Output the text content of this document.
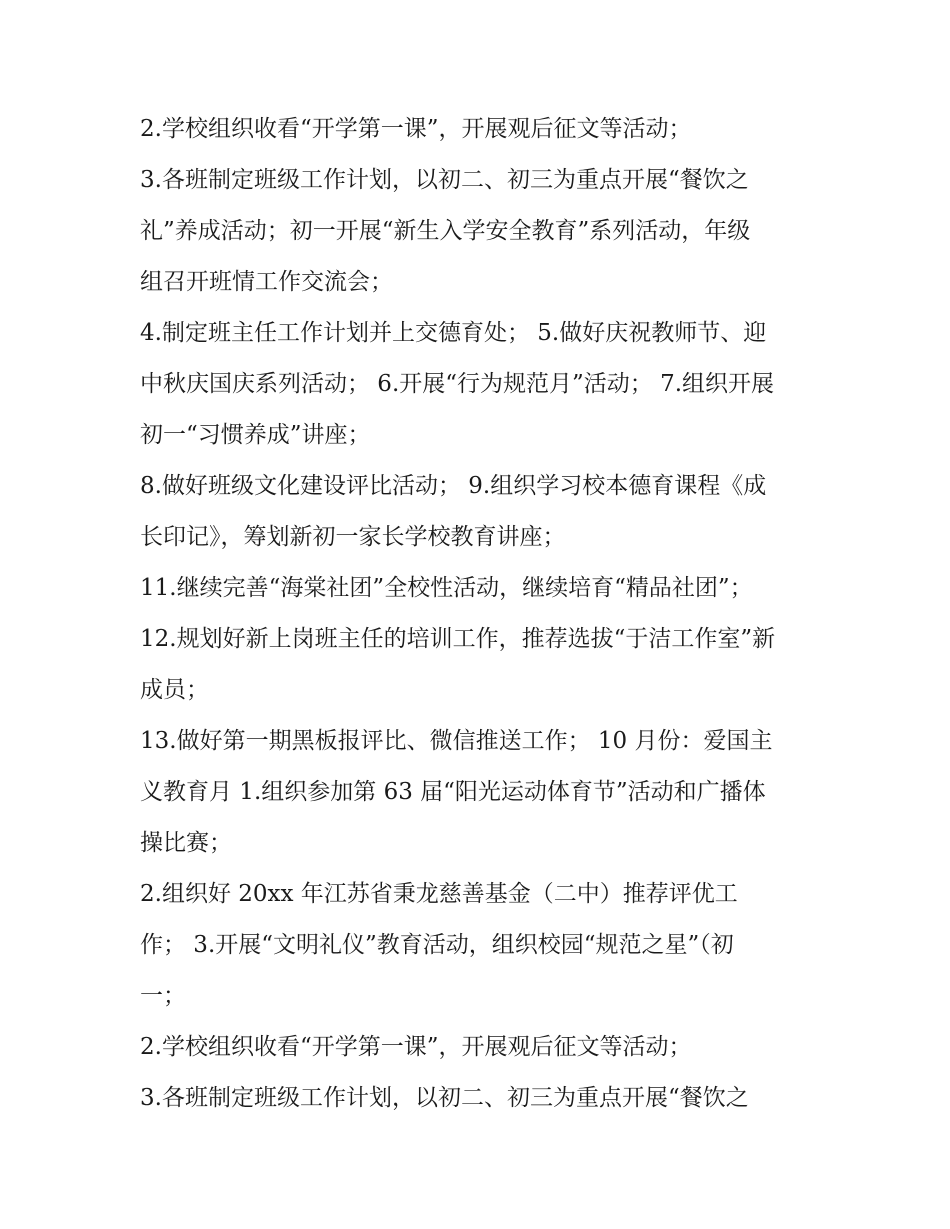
2.学校组织收看“开学第一课”，开展观后征文等活动；
3.各班制定班级工作计划，以初二、初三为重点开展“餐饮之
礼”养成活动；初一开展“新生入学安全教育”系列活动，年级
组召开班情工作交流会；
4.制定班主任工作计划并上交德育处； 5.做好庆祝教师节、迎
中秋庆国庆系列活动； 6.开展“行为规范月”活动； 7.组织开展
初一“习惯养成”讲座；
8.做好班级文化建设评比活动； 9.组织学习校本德育课程《成
长印记》，筹划新初一家长学校教育讲座；
11.继续完善“海棠社团”全校性活动，继续培育“精品社团”；
12.规划好新上岗班主任的培训工作，推荐选拔“于洁工作室”新
成员；
13.做好第一期黑板报评比、微信推送工作； 10 月份：爱国主
义教育月 1.组织参加第 63 届“阳光运动体育节”活动和广播体
操比赛；
2.组织好 20xx 年江苏省秉龙慈善基金（二中）推荐评优工
作； 3.开展“文明礼仪”教育活动，组织校园“规范之星”（初
一；
2.学校组织收看“开学第一课”，开展观后征文等活动；
3.各班制定班级工作计划，以初二、初三为重点开展“餐饮之
